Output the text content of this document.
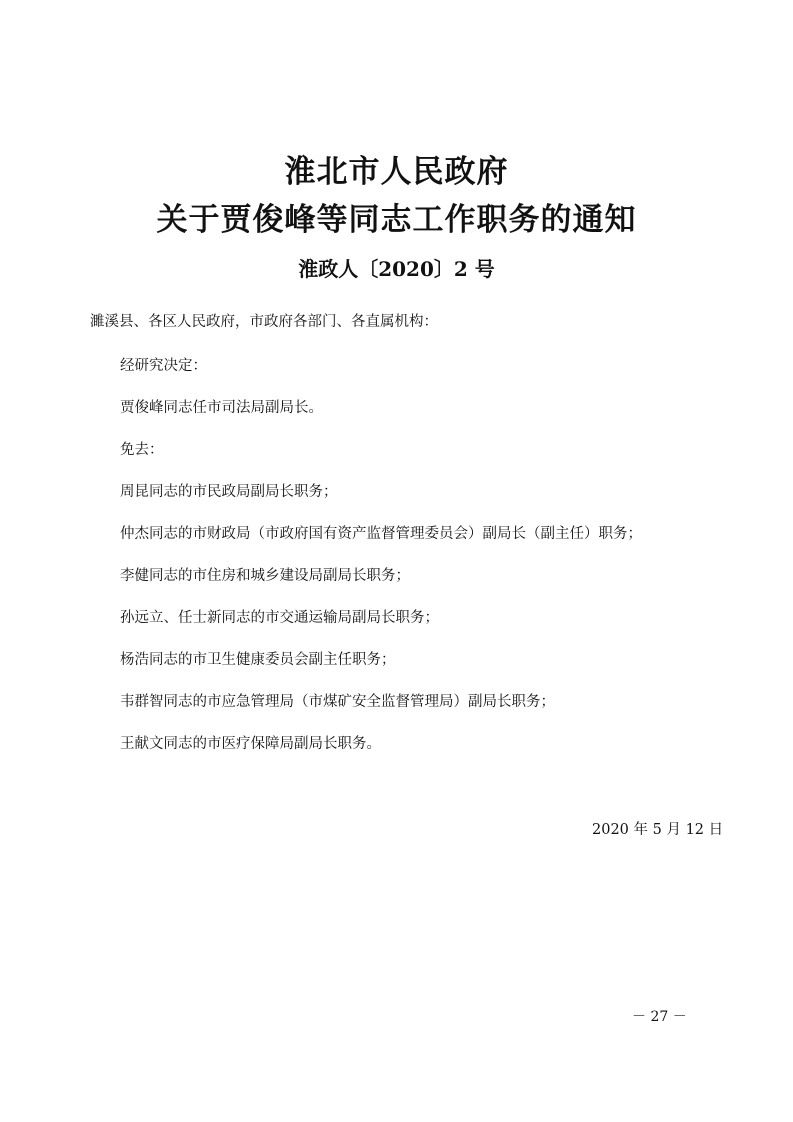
淮北市人民政府
关于贾俊峰等同志工作职务的通知
淮政人〔2020〕2 号
濉溪县、各区人民政府，市政府各部门、各直属机构：
经研究决定：
贾俊峰同志任市司法局副局长。
免去：
周昆同志的市民政局副局长职务；
仲杰同志的市财政局（市政府国有资产监督管理委员会）副局长（副主任）职务；
李健同志的市住房和城乡建设局副局长职务；
孙远立、任士新同志的市交通运输局副局长职务；
杨浩同志的市卫生健康委员会副主任职务；
韦群智同志的市应急管理局（市煤矿安全监督管理局）副局长职务；
王献文同志的市医疗保障局副局长职务。
2020 年 5 月 12 日
－ 27 －
